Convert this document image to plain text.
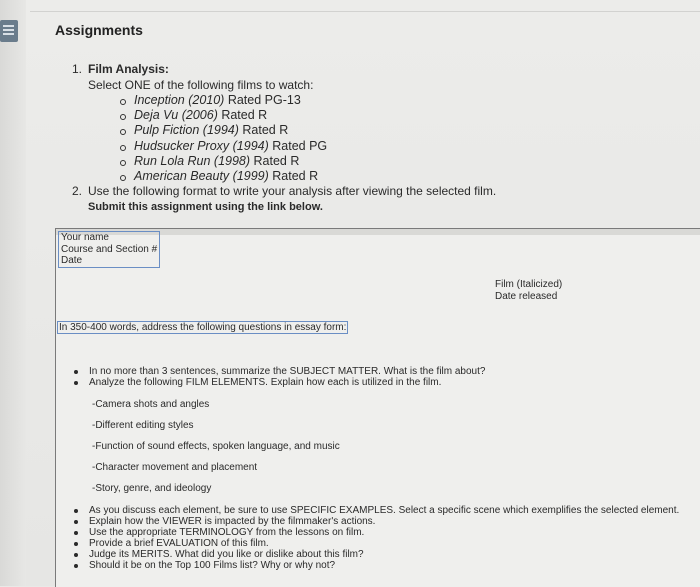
Assignments
1. Film Analysis:
Select ONE of the following films to watch:
Inception (2010) Rated PG-13
Deja Vu (2006) Rated R
Pulp Fiction (1994) Rated R
Hudsucker Proxy (1994) Rated PG
Run Lola Run (1998) Rated R
American Beauty (1999) Rated R
2. Use the following format to write your analysis after viewing the selected film.
Submit this assignment using the link below.
Your name
Course and Section #
Date
Film (Italicized)
Date released
In 350-400 words, address the following questions in essay form:
In no more than 3 sentences, summarize the SUBJECT MATTER. What is the film about?
Analyze the following FILM ELEMENTS. Explain how each is utilized in the film.
-Camera shots and angles
-Different editing styles
-Function of sound effects, spoken language, and music
-Character movement and placement
-Story, genre, and ideology
As you discuss each element, be sure to use SPECIFIC EXAMPLES. Select a specific scene which exemplifies the selected element.
Explain how the VIEWER is impacted by the filmmaker's actions.
Use the appropriate TERMINOLOGY from the lessons on film.
Provide a brief EVALUATION of this film.
Judge its MERITS. What did you like or dislike about this film?
Should it be on the Top 100 Films list? Why or why not?
